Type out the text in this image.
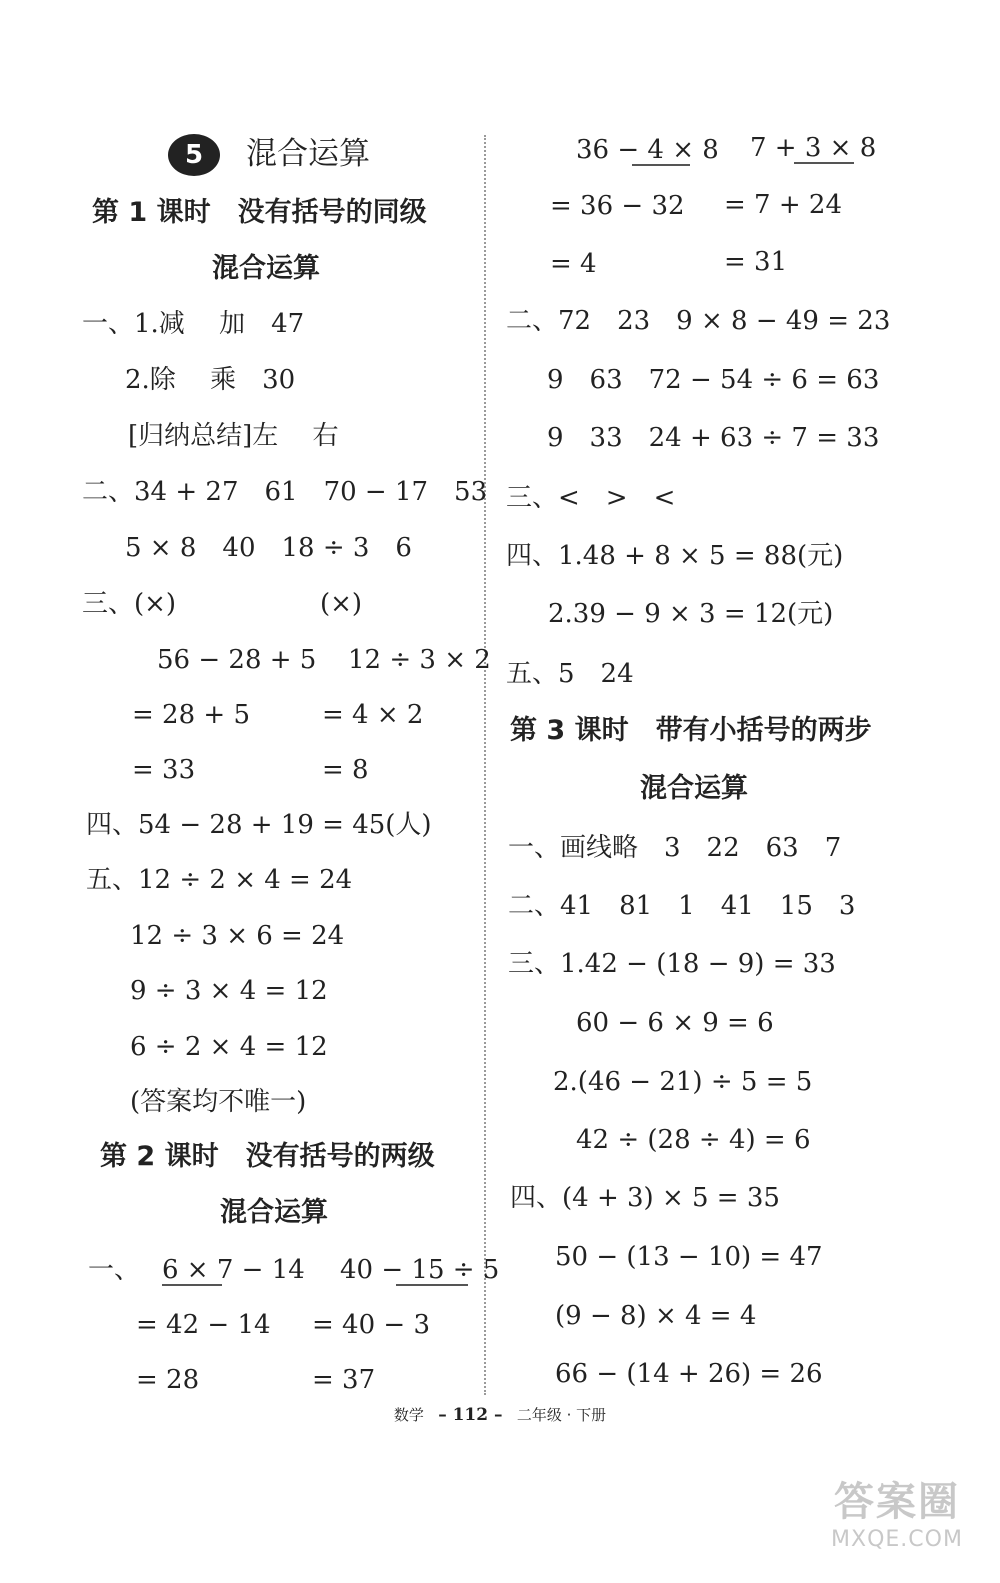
5	混合运算
第 1 课时　没有括号的同级
混合运算
一、1.减　 加　47
2.除　 乘　30
[归纳总结]左　 右
二、34 + 27　61　70 − 17　53
5 × 8　40　18 ÷ 3　6
三、(×)	(×)
56 − 28 + 5 12 ÷ 3 × 2
= 28 + 5	= 4 × 2
= 33	= 8
四、54 − 28 + 19 = 45(人)
五、12 ÷ 2 × 4 = 24
12 ÷ 3 × 6 = 24
9 ÷ 3 × 4 = 12
6 ÷ 2 × 4 = 12
(答案均不唯一)
第 2 课时　没有括号的两级
混合运算
一、 6 × 7 − 14 40 − 15 ÷ 5
= 42 − 14 = 40 − 3
= 28	= 37
36 − 4 × 8 7 + 3 × 8
= 36 − 32 = 7 + 24
= 4	= 31
二、72　23　9 × 8 − 49 = 23
9　63　72 − 54 ÷ 6 = 63
9　33　24 + 63 ÷ 7 = 33
三、<　>　<
四、1.48 + 8 × 5 = 88(元)
2.39 − 9 × 3 = 12(元)
五、5　24
第 3 课时　带有小括号的两步
混合运算
一、画线略　3　22　63　7
二、41　81　1　41　15　3
三、1.42 − (18 − 9) = 33
60 − 6 × 9 = 6
2.(46 − 21) ÷ 5 = 5
42 ÷ (28 ÷ 4) = 6
四、(4 + 3) × 5 = 35
50 − (13 − 10) = 47
(9 − 8) × 4 = 4
66 − (14 + 26) = 26
数学 – 112 – 二年级 · 下册
答案圈
MXQE.COM
